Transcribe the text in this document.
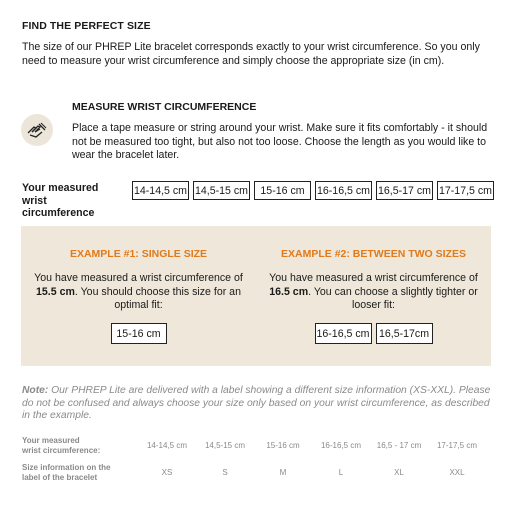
FIND THE PERFECT SIZE
The size of our PHREP Lite bracelet corresponds exactly to your wrist circumference. So you only need to measure your wrist circumference and simply choose the appropriate size (in cm).
MEASURE WRIST CIRCUMFERENCE
Place a tape measure or string around your wrist. Make sure it fits comfortably - it should not be measured too tight, but also not too loose. Choose the length as you would like to wear the bracelet later.
Your measured
wrist circumference
14-14,5 cm 14,5-15 cm	15-16 cm	16-16,5 cm 16,5-17 cm 17-17,5 cm
EXAMPLE #1: SINGLE SIZE
You have measured a wrist circumference of 15.5 cm. You should choose this size for an optimal fit:
15-16 cm
EXAMPLE #2: BETWEEN TWO SIZES
You have measured a wrist circumference of 16.5 cm. You can choose a slightly tighter or looser fit:
16-16,5 cm 16,5-17cm
Note: Our PHREP Lite are delivered with a label showing a different size information (XS-XXL). Please do not be confused and always choose your size only based on your wrist circumference, as described in the example.
Your measured
wrist circumference:	14-14,5 cm	14,5-15 cm	15-16 cm	16-16,5 cm	16,5 - 17 cm	17-17,5 cm
Size information on the
label of the bracelet	XS	S	M	L	XL	XXL
